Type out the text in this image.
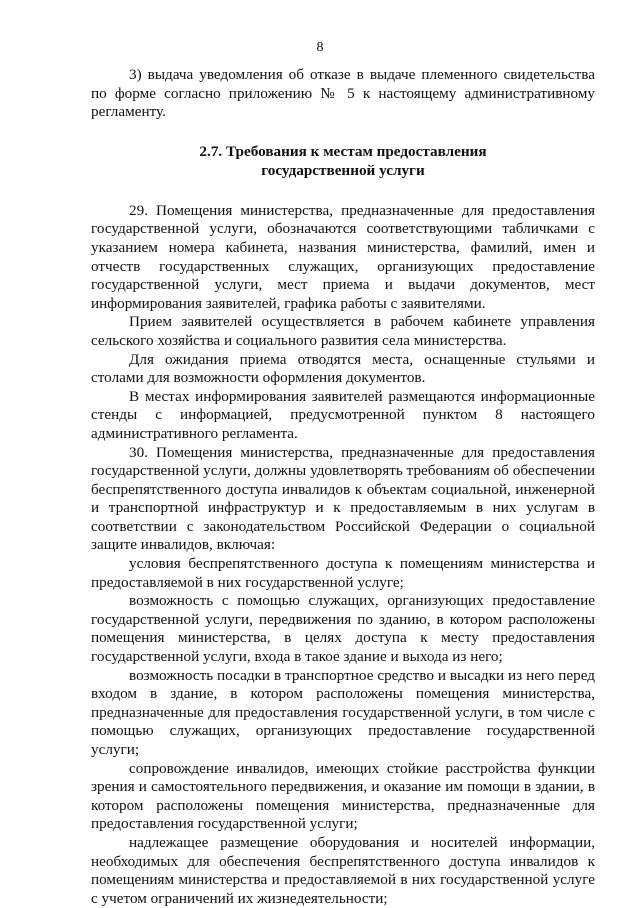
8

3) выдача уведомления об отказе в выдаче племенного свидетельства по форме согласно приложению № 5 к настоящему административному регламенту.

2.7. Требования к местам предоставления
государственной услуги

29. Помещения министерства, предназначенные для предоставления государственной услуги, обозначаются соответствующими табличками с указанием номера кабинета, названия министерства, фамилий, имен и отчеств государственных служащих, организующих предоставление государственной услуги, мест приема и выдачи документов, мест информирования заявителей, графика работы с заявителями.

Прием заявителей осуществляется в рабочем кабинете управления сельского хозяйства и социального развития села министерства.

Для ожидания приема отводятся места, оснащенные стульями и столами для возможности оформления документов.

В местах информирования заявителей размещаются информационные стенды с информацией, предусмотренной пунктом 8 настоящего административного регламента.

30. Помещения министерства, предназначенные для предоставления государственной услуги, должны удовлетворять требованиям об обеспечении беспрепятственного доступа инвалидов к объектам социальной, инженерной и транспортной инфраструктур и к предоставляемым в них услугам в соответствии с законодательством Российской Федерации о социальной защите инвалидов, включая:

условия беспрепятственного доступа к помещениям министерства и предоставляемой в них государственной услуге;

возможность с помощью служащих, организующих предоставление государственной услуги, передвижения по зданию, в котором расположены помещения министерства, в целях доступа к месту предоставления государственной услуги, входа в такое здание и выхода из него;

возможность посадки в транспортное средство и высадки из него перед входом в здание, в котором расположены помещения министерства, предназначенные для предоставления государственной услуги, в том числе с помощью служащих, организующих предоставление государственной услуги;

сопровождение инвалидов, имеющих стойкие расстройства функции зрения и самостоятельного передвижения, и оказание им помощи в здании, в котором расположены помещения министерства, предназначенные для предоставления государственной услуги;

надлежащее размещение оборудования и носителей информации, необходимых для обеспечения беспрепятственного доступа инвалидов к помещениям министерства и предоставляемой в них государственной услуге с учетом ограничений их жизнедеятельности;
